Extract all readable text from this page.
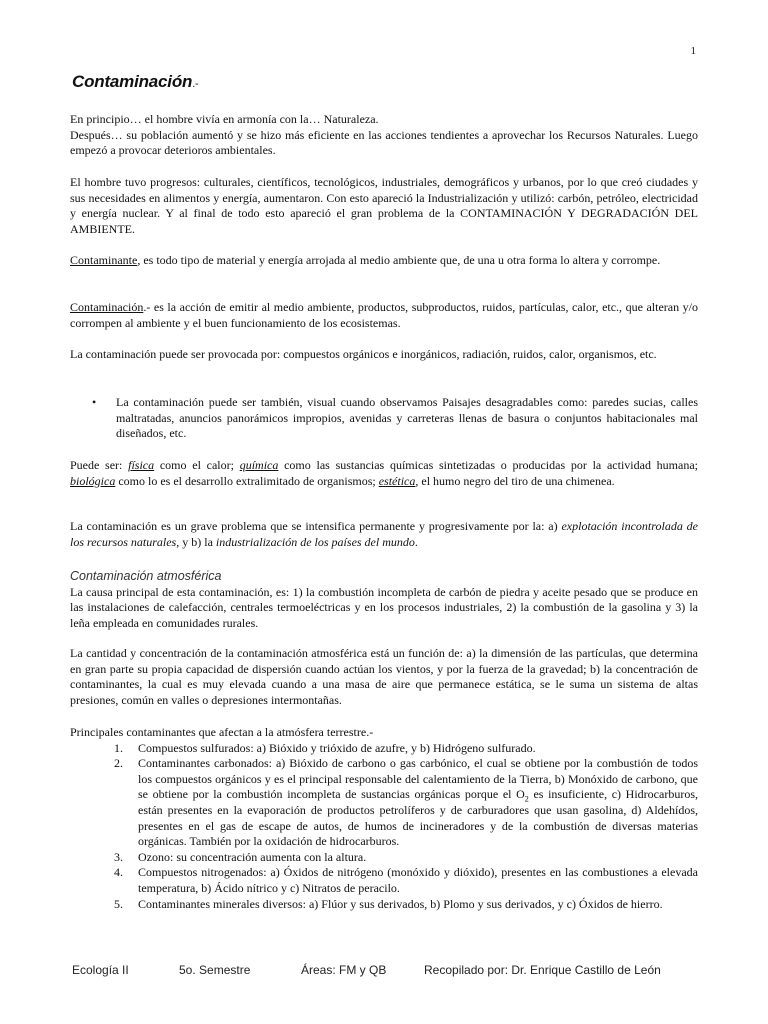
1
Contaminación.-

En principio… el hombre vivía en armonía con la… Naturaleza.

Después… su población aumentó y se hizo más eficiente en las acciones tendientes a aprovechar los Recursos Naturales. Luego empezó a provocar deterioros ambientales.

El hombre tuvo progresos: culturales, científicos, tecnológicos, industriales, demográficos y urbanos, por lo que creó ciudades y sus necesidades en alimentos y energía, aumentaron. Con esto apareció la Industrialización y utilizó: carbón, petróleo, electricidad y energía nuclear. Y al final de todo esto apareció el gran problema de la CONTAMINACIÓN Y DEGRADACIÓN DEL AMBIENTE.

Contaminante, es todo tipo de material y energía arrojada al medio ambiente que, de una u otra forma lo altera y corrompe.

Contaminación.- es la acción de emitir al medio ambiente, productos, subproductos, ruidos, partículas, calor, etc., que alteran y/o corrompen al ambiente y el buen funcionamiento de los ecosistemas.

La contaminación puede ser provocada por: compuestos orgánicos e inorgánicos, radiación, ruidos, calor, organismos, etc.

• La contaminación puede ser también, visual cuando observamos Paisajes desagradables como: paredes sucias, calles maltratadas, anuncios panorámicos impropios, avenidas y carreteras llenas de basura o conjuntos habitacionales mal diseñados, etc.

Puede ser: física como el calor; química como las sustancias químicas sintetizadas o producidas por la actividad humana; biológica como lo es el desarrollo extralimitado de organismos; estética, el humo negro del tiro de una chimenea.

La contaminación es un grave problema que se intensifica permanente y progresivamente por la: a) explotación incontrolada de los recursos naturales, y b) la industrialización de los países del mundo.

Contaminación atmosférica

La causa principal de esta contaminación, es: 1) la combustión incompleta de carbón de piedra y aceite pesado que se produce en las instalaciones de calefacción, centrales termoeléctricas y en los procesos industriales, 2) la combustión de la gasolina y 3) la leña empleada en comunidades rurales.

La cantidad y concentración de la contaminación atmosférica está un función de: a) la dimensión de las partículas, que determina en gran parte su propia capacidad de dispersión cuando actúan los vientos, y por la fuerza de la gravedad; b) la concentración de contaminantes, la cual es muy elevada cuando a una masa de aire que permanece estática, se le suma un sistema de altas presiones, común en valles o depresiones intermontañas.

Principales contaminantes que afectan a la atmósfera terrestre.-

1. Compuestos sulfurados: a) Bióxido y trióxido de azufre, y b) Hidrógeno sulfurado.
2. Contaminantes carbonados: a) Bióxido de carbono o gas carbónico, el cual se obtiene por la combustión de todos los compuestos orgánicos y es el principal responsable del calentamiento de la Tierra, b) Monóxido de carbono, que se obtiene por la combustión incompleta de sustancias orgánicas porque el $O_2$ es insuficiente, c) Hidrocarburos, están presentes en la evaporación de productos petrolíferos y de carburadores que usan gasolina, d) Aldehídos, presentes en el gas de escape de autos, de humos de incineradores y de la combustión de diversas materias orgánicas. También por la oxidación de hidrocarburos.
3. Ozono: su concentración aumenta con la altura.
4. Compuestos nitrogenados: a) Óxidos de nitrógeno (monóxido y dióxido), presentes en las combustiones a elevada temperatura, b) Ácido nítrico y c) Nitratos de peracilo.
5. Contaminantes minerales diversos: a) Flúor y sus derivados, b) Plomo y sus derivados, y c) Óxidos de hierro.
Ecología II	5o. Semestre	Áreas: FM y QB	Recopilado por: Dr. Enrique Castillo de León
